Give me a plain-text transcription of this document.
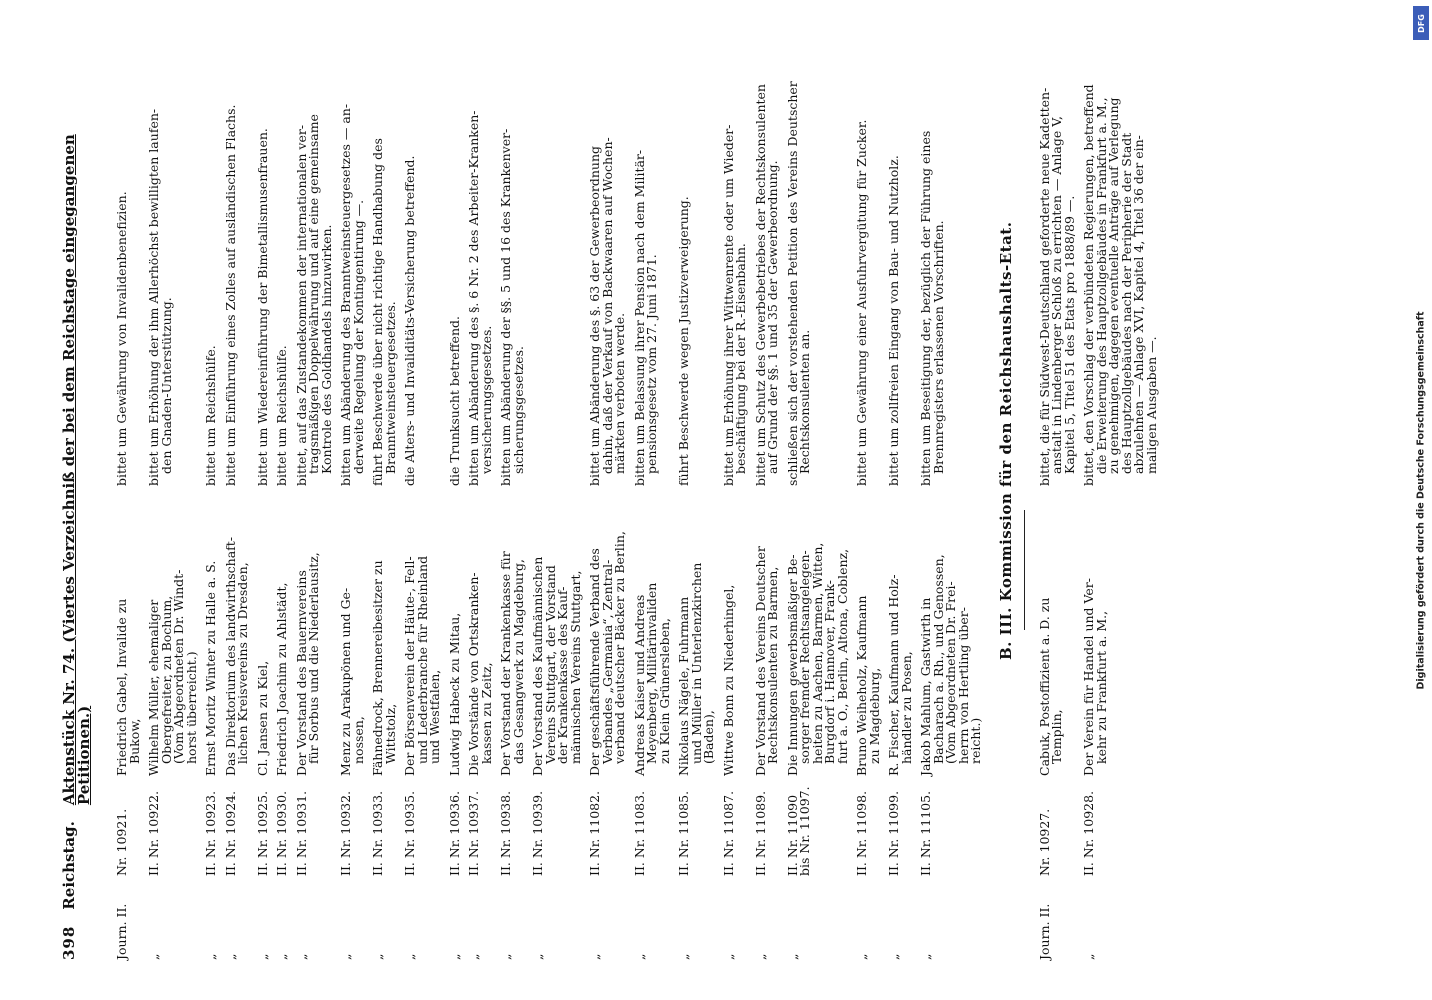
398
Reichstag.
Aktenstück Nr. 74. (Viertes Verzeichniß der bei dem Reichstage eingegangenen Petitionen.)
Journ. II.
Nr. 10921.
Friedrich Gabel, Invalide zu
Bukow,
bittet um Gewährung von Invalidenbenefizien.
„
II. Nr. 10922.
Wilhelm Müller, ehemaliger
Obergefreiter, zu Bochum,
(Vom Abgeordneten Dr. Windt-
horst überreicht.)
bittet um Erhöhung der ihm Allerhöchst bewilligten laufen-
den Gnaden-Unterstützung.
„
II. Nr. 10923.
Ernst Moritz Winter zu Halle a. S.
bittet um Reichshülfe.
„
II. Nr. 10924.
Das Direktorium des landwirthschaft-
lichen Kreisvereins zu Dresden,
bittet um Einführung eines Zolles auf ausländischen Flachs.
„
II. Nr. 10925.
Cl. Jansen zu Kiel,
bittet um Wiedereinführung der Bimetallismusenfrauen.
„
II. Nr. 10930.
Friedrich Joachim zu Ahlstädt,
bittet um Reichshülfe.
„
II. Nr. 10931.
Der Vorstand des Bauernvereins
für Sorbus und die Niederlausitz,
bittet, auf das Zustandekommen der internationalen ver-
tragsmäßigen Doppelwährung und auf eine gemeinsame
Kontrole des Goldhandels hinzuwirken.
„
II. Nr. 10932.
Menz zu Arakupönen und Ge-
nossen,
bitten um Abänderung des Branntweinsteuergesetzes — an-
derweite Regelung der Kontingentirung —.
„
II. Nr. 10933.
Fähnedrock, Brennereibesitzer zu
Wittstolz,
führt Beschwerde über nicht richtige Handhabung des
Branntweinsteuergesetzes.
„
II. Nr. 10935.
Der Börsenverein der Häute-, Fell-
und Lederbranche für Rheinland
und Westfalen,
die Alters- und Invaliditäts-Versicherung betreffend.
„
II. Nr. 10936.
Ludwig Habeck zu Mitau,
die Trunksucht betreffend.
„
II. Nr. 10937.
Die Vorstände von Ortskranken-
kassen zu Zeitz,
bitten um Abänderung des §. 6 Nr. 2 des Arbeiter-Kranken-
versicherungsgesetzes.
„
II. Nr. 10938.
Der Vorstand der Krankenkasse für
das Gesangwerk zu Magdeburg,
bitten um Abänderung der §§. 5 und 16 des Krankenver-
sicherungsgesetzes.
„
II. Nr. 10939.
Der Vorstand des Kaufmännischen
Vereins Stuttgart, der Vorstand
der Krankenkasse des Kauf-
männischen Vereins Stuttgart,
„
II. Nr. 11082.
Der geschäftsführende Verband des
Verbandes „Germania“, Zentral-
verband deutscher Bäcker zu Berlin,
bittet um Abänderung des §. 63 der Gewerbeordnung
dahin, daß der Verkauf von Backwaaren auf Wochen-
märkten verboten werde.
„
II. Nr. 11083.
Andreas Kaiser und Andreas
Meyenberg, Militärinvaliden
zu Klein Grünersleben,
bitten um Belassung ihrer Pension nach dem Militär-
pensionsgesetz vom 27. Juni 1871.
„
II. Nr. 11085.
Nikolaus Nägele, Fuhrmann
und Müller in Unterlenzkirchen
(Baden),
führt Beschwerde wegen Justizverweigerung.
„
II. Nr. 11087.
Wittwe Bonn zu Niederhingel,
bittet um Erhöhung ihrer Wittwenrente oder um Wieder-
beschäftigung bei der R.-Eisenbahn.
„
II. Nr. 11089.
Der Vorstand des Vereins Deutscher
Rechtskonsulenten zu Barmen,
bittet um Schutz des Gewerbebetriebes der Rechtskonsulenten
auf Grund der §§. 1 und 35 der Gewerbeordnung.
„
II. Nr. 11090
bis Nr. 11097.
Die Innungen gewerbsmäßiger Be-
sorger fremder Rechtsangelegen-
heiten zu Aachen, Barmen, Witten,
Burgdorf i. Hannover, Frank-
furt a. O., Berlin, Altona, Coblenz,
schließen sich der vorstehenden Petition des Vereins Deutscher
Rechtskonsulenten an.
„
II. Nr. 11098.
Bruno Weiheholz, Kaufmann
zu Magdeburg,
bittet um Gewährung einer Ausfuhrvergütung für Zucker.
„
II. Nr. 11099.
R. Fischer, Kaufmann und Holz-
händler zu Posen,
bittet um zollfreien Eingang von Bau- und Nutzholz.
„
II. Nr. 11105.
Jakob Mahlum, Gastwirth in
Bacharach a. Rh., und Genossen,
(Vom Abgeordneten Dr. Frei-
herrn von Hertling über-
reicht.)
bitten um Beseitigung der, bezüglich der Führung eines
Brennregisters erlassenen Vorschriften.	B. III. Kommission für den Reichshaushalts-Etat.
Journ. II.
Nr. 10927.
Cabuk, Postoffizient a. D. zu
Templin,
bittet, die für Südwest-Deutschland geforderte neue Kadetten-
anstalt in Lindenberger Schloß zu errichten — Anlage V,
Kapitel 5, Titel 51 des Etats pro 1888/89 —.
„
II. Nr. 10928.
Der Verein für Handel und Ver-
kehr zu Frankfurt a. M.,
bittet, den Vorschlag der verbündeten Regierungen, betreffend
die Erweiterung des Hauptzollgebäudes in Frankfurt a. M.,
zu genehmigen, dagegen eventuelle Anträge auf Verlegung
des Hauptzollgebäudes nach der Peripherie der Stadt
abzulehnen — Anlage XVI, Kapitel 4, Titel 36 der ein-
maligen Ausgaben —.	Digitalisierung gefördert durch die Deutsche Forschungsgemeinschaft
DFG
